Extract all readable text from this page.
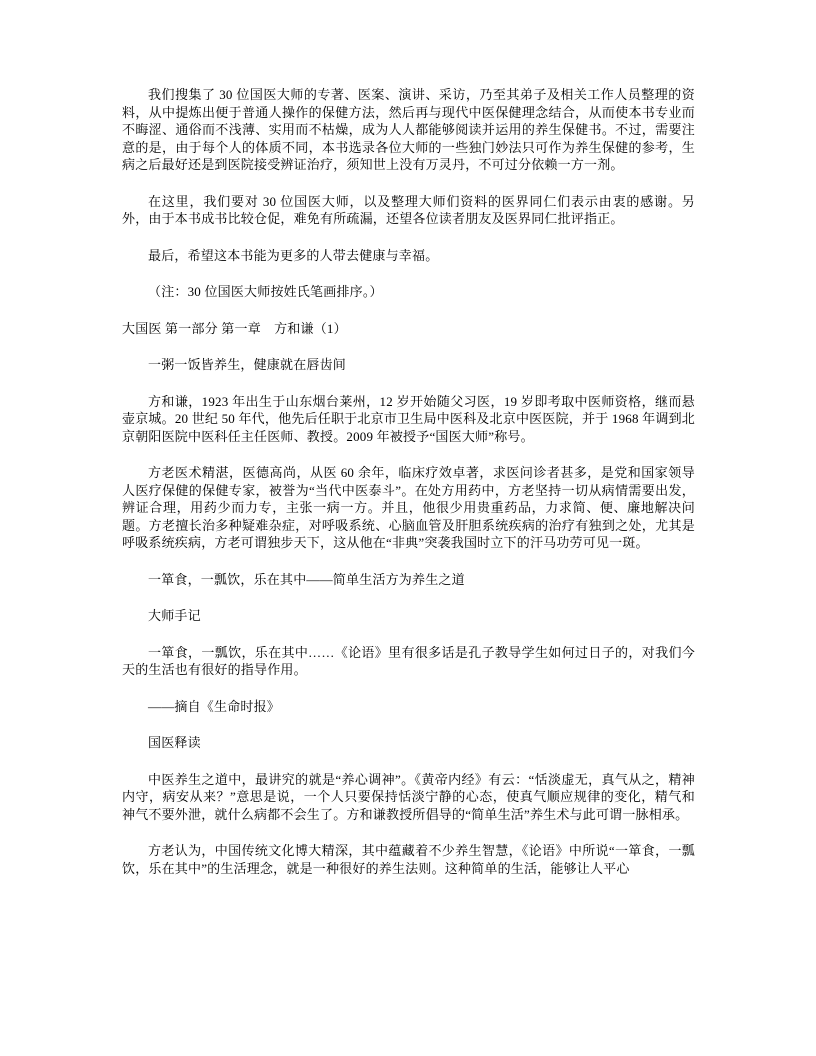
我们搜集了 30 位国医大师的专著、医案、演讲、采访，乃至其弟子及相关工作人员整理的资料，从中提炼出便于普通人操作的保健方法，然后再与现代中医保健理念结合，从而使本书专业而不晦涩、通俗而不浅薄、实用而不枯燥，成为人人都能够阅读并运用的养生保健书。不过，需要注意的是，由于每个人的体质不同，本书选录各位大师的一些独门妙法只可作为养生保健的参考，生病之后最好还是到医院接受辨证治疗，须知世上没有万灵丹，不可过分依赖一方一剂。

在这里，我们要对 30 位国医大师，以及整理大师们资料的医界同仁们表示由衷的感谢。另外，由于本书成书比较仓促，难免有所疏漏，还望各位读者朋友及医界同仁批评指正。

最后，希望这本书能为更多的人带去健康与幸福。

（注：30 位国医大师按姓氏笔画排序。）

大国医 第一部分 第一章　方和谦（1）

一粥一饭皆养生，健康就在唇齿间

方和谦，1923 年出生于山东烟台莱州，12 岁开始随父习医，19 岁即考取中医师资格，继而悬壶京城。20 世纪 50 年代，他先后任职于北京市卫生局中医科及北京中医医院，并于 1968 年调到北京朝阳医院中医科任主任医师、教授。2009 年被授予“国医大师”称号。

方老医术精湛，医德高尚，从医 60 余年，临床疗效卓著，求医问诊者甚多，是党和国家领导人医疗保健的保健专家，被誉为“当代中医泰斗”。在处方用药中，方老坚持一切从病情需要出发，辨证合理，用药少而力专，主张一病一方。并且，他很少用贵重药品，力求简、便、廉地解决问题。方老擅长治多种疑难杂症，对呼吸系统、心脑血管及肝胆系统疾病的治疗有独到之处，尤其是呼吸系统疾病，方老可谓独步天下，这从他在“非典”突袭我国时立下的汗马功劳可见一斑。

一箪食，一瓢饮，乐在其中——简单生活方为养生之道

大师手记

一箪食，一瓢饮，乐在其中……《论语》里有很多话是孔子教导学生如何过日子的，对我们今天的生活也有很好的指导作用。

——摘自《生命时报》

国医释读

中医养生之道中，最讲究的就是“养心调神”。《黄帝内经》有云：“恬淡虚无，真气从之，精神内守，病安从来？”意思是说，一个人只要保持恬淡宁静的心态，使真气顺应规律的变化，精气和神气不要外泄，就什么病都不会生了。方和谦教授所倡导的“简单生活”养生术与此可谓一脉相承。

方老认为，中国传统文化博大精深，其中蕴藏着不少养生智慧，《论语》中所说“一箪食，一瓢饮，乐在其中”的生活理念，就是一种很好的养生法则。这种简单的生活，能够让人平心
